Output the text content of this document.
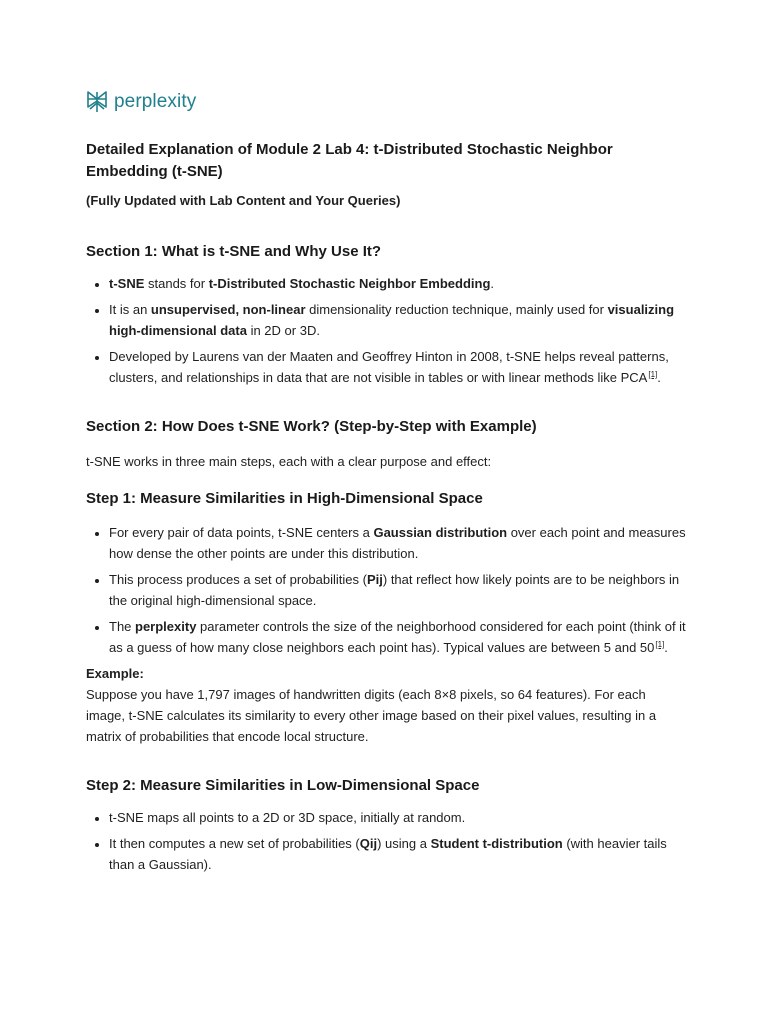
perplexity
Detailed Explanation of Module 2 Lab 4: t-Distributed Stochastic Neighbor Embedding (t-SNE)
(Fully Updated with Lab Content and Your Queries)
Section 1: What is t-SNE and Why Use It?
• t-SNE stands for t-Distributed Stochastic Neighbor Embedding.
• It is an unsupervised, non-linear dimensionality reduction technique, mainly used for visualizing high-dimensional data in 2D or 3D.
• Developed by Laurens van der Maaten and Geoffrey Hinton in 2008, t-SNE helps reveal patterns, clusters, and relationships in data that are not visible in tables or with linear methods like PCA[1].
Section 2: How Does t-SNE Work? (Step-by-Step with Example)

t-SNE works in three main steps, each with a clear purpose and effect:

Step 1: Measure Similarities in High-Dimensional Space
• For every pair of data points, t-SNE centers a Gaussian distribution over each point and measures how dense the other points are under this distribution.
• This process produces a set of probabilities (Pij) that reflect how likely points are to be neighbors in the original high-dimensional space.
• The perplexity parameter controls the size of the neighborhood considered for each point (think of it as a guess of how many close neighbors each point has). Typical values are between 5 and 50[1].

Example:

Suppose you have 1,797 images of handwritten digits (each 8×8 pixels, so 64 features). For each image, t-SNE calculates its similarity to every other image based on their pixel values, resulting in a matrix of probabilities that encode local structure.

Step 2: Measure Similarities in Low-Dimensional Space
• t-SNE maps all points to a 2D or 3D space, initially at random.
• It then computes a new set of probabilities (Qij) using a Student t-distribution (with heavier tails than a Gaussian).
